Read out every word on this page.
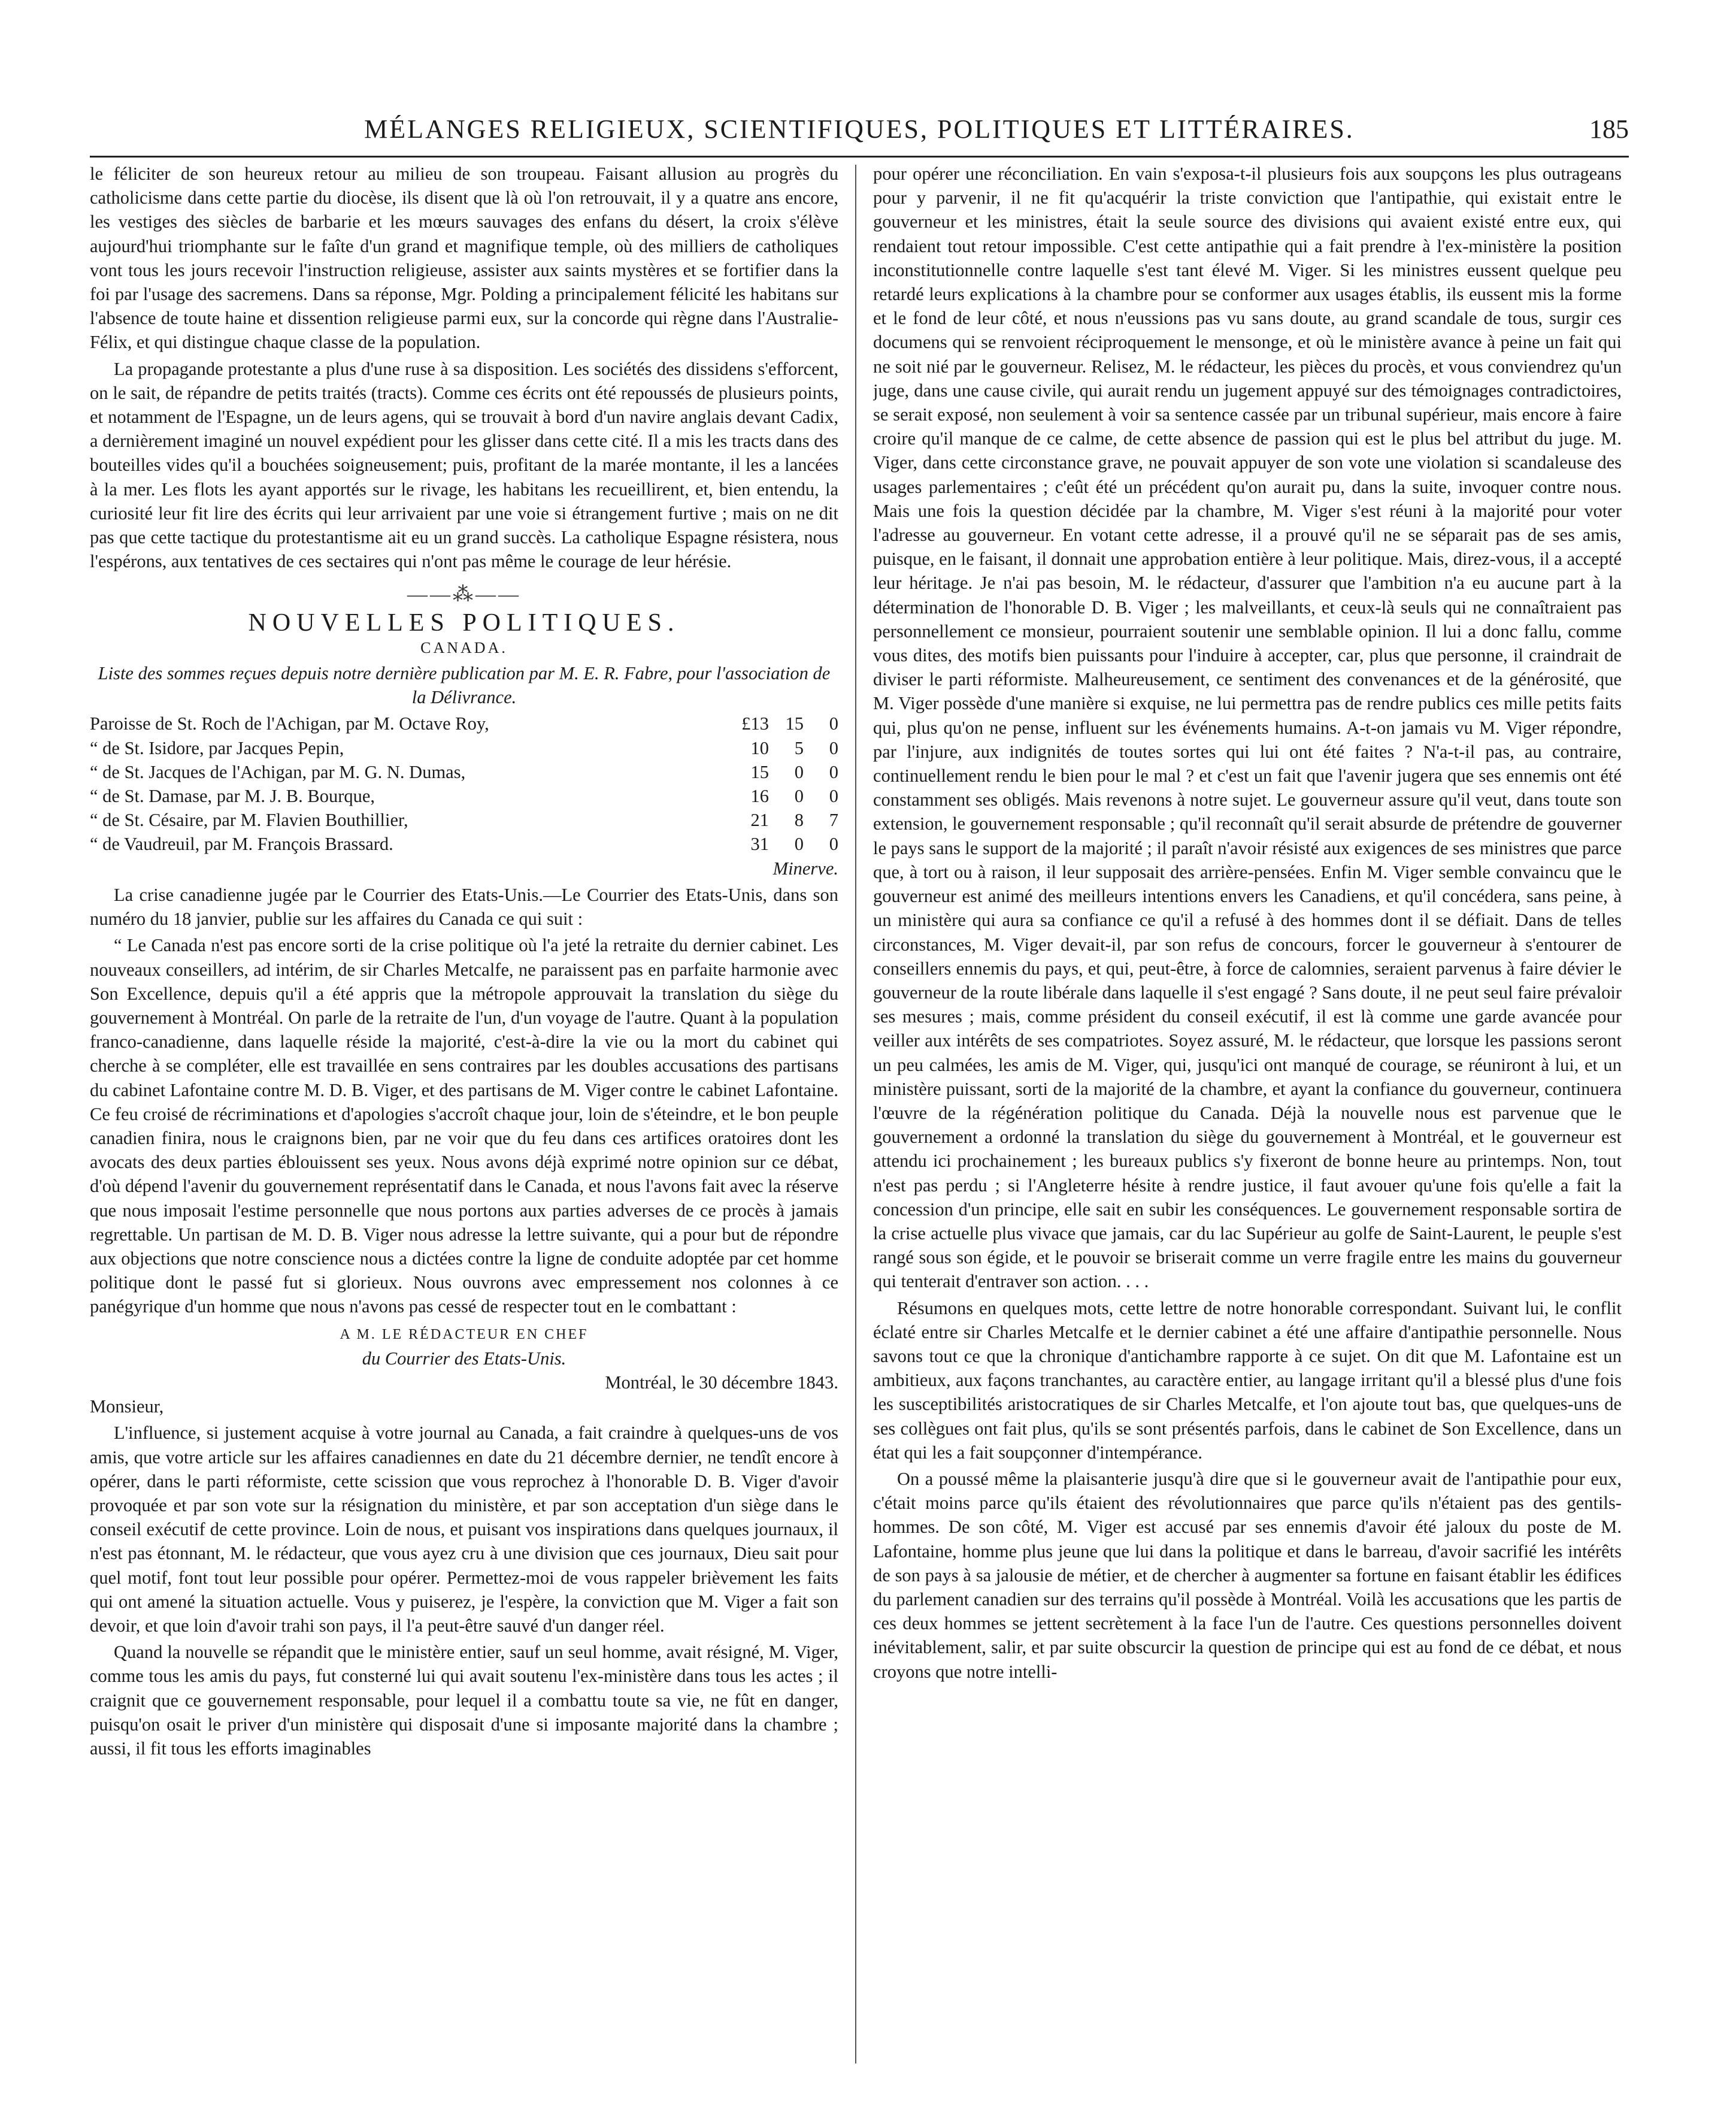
MÉLANGES RELIGIEUX, SCIENTIFIQUES, POLITIQUES ET LITTÉRAIRES.	185

le féliciter de son heureux retour au milieu de son troupeau. Faisant allusion au progrès du catholicisme dans cette partie du diocèse, ils disent que là où l'on retrouvait, il y a quatre ans encore, les vestiges des siècles de barbarie et les mœurs sauvages des enfans du désert, la croix s'élève aujourd'hui triomphante sur le faîte d'un grand et magnifique temple, où des milliers de catholiques vont tous les jours recevoir l'instruction religieuse, assister aux saints mystères et se fortifier dans la foi par l'usage des sacremens. Dans sa réponse, Mgr. Polding a principalement félicité les habitans sur l'absence de toute haine et dissention religieuse parmi eux, sur la concorde qui règne dans l'Australie-Félix, et qui distingue chaque classe de la population.

La propagande protestante a plus d'une ruse à sa disposition. Les sociétés des dissidens s'efforcent, on le sait, de répandre de petits traités (tracts). Comme ces écrits ont été repoussés de plusieurs points, et notamment de l'Espagne, un de leurs agens, qui se trouvait à bord d'un navire anglais devant Cadix, a dernièrement imaginé un nouvel expédient pour les glisser dans cette cité. Il a mis les tracts dans des bouteilles vides qu'il a bouchées soigneusement; puis, profitant de la marée montante, il les a lancées à la mer. Les flots les ayant apportés sur le rivage, les habitans les recueillirent, et, bien entendu, la curiosité leur fit lire des écrits qui leur arrivaient par une voie si étrangement furtive ; mais on ne dit pas que cette tactique du protestantisme ait eu un grand succès. La catholique Espagne résistera, nous l'espérons, aux tentatives de ces sectaires qui n'ont pas même le courage de leur hérésie.

——⁂——
NOUVELLES POLITIQUES.
CANADA.

Liste des sommes reçues depuis notre dernière publication par M. E. R. Fabre, pour l'association de la Délivrance.

Paroisse de St. Roch de l'Achigan, par M. Octave Roy,	£13	15	0
“ de St. Isidore, par Jacques Pepin,	10	5	0
“ de St. Jacques de l'Achigan, par M. G. N. Dumas,	15	0	0
“ de St. Damase, par M. J. B. Bourque,	16	0	0
“ de St. Césaire, par M. Flavien Bouthillier,	21	8	7
“ de Vaudreuil, par M. François Brassard.	31	0	0
Minerve.

La crise canadienne jugée par le Courrier des Etats-Unis.—Le Courrier des Etats-Unis, dans son numéro du 18 janvier, publie sur les affaires du Canada ce qui suit :

“ Le Canada n'est pas encore sorti de la crise politique où l'a jeté la retraite du dernier cabinet. Les nouveaux conseillers, ad intérim, de sir Charles Metcalfe, ne paraissent pas en parfaite harmonie avec Son Excellence, depuis qu'il a été appris que la métropole approuvait la translation du siège du gouvernement à Montréal. On parle de la retraite de l'un, d'un voyage de l'autre. Quant à la population franco-canadienne, dans laquelle réside la majorité, c'est-à-dire la vie ou la mort du cabinet qui cherche à se compléter, elle est travaillée en sens contraires par les doubles accusations des partisans du cabinet Lafontaine contre M. D. B. Viger, et des partisans de M. Viger contre le cabinet Lafontaine. Ce feu croisé de récriminations et d'apologies s'accroît chaque jour, loin de s'éteindre, et le bon peuple canadien finira, nous le craignons bien, par ne voir que du feu dans ces artifices oratoires dont les avocats des deux parties éblouissent ses yeux. Nous avons déjà exprimé notre opinion sur ce débat, d'où dépend l'avenir du gouvernement représentatif dans le Canada, et nous l'avons fait avec la réserve que nous imposait l'estime personnelle que nous portons aux parties adverses de ce procès à jamais regrettable. Un partisan de M. D. B. Viger nous adresse la lettre suivante, qui a pour but de répondre aux objections que notre conscience nous a dictées contre la ligne de conduite adoptée par cet homme politique dont le passé fut si glorieux. Nous ouvrons avec empressement nos colonnes à ce panégyrique d'un homme que nous n'avons pas cessé de respecter tout en le combattant :

A M. LE RÉDACTEUR EN CHEF
du Courrier des Etats-Unis.
Montréal, le 30 décembre 1843.

Monsieur,

L'influence, si justement acquise à votre journal au Canada, a fait craindre à quelques-uns de vos amis, que votre article sur les affaires canadiennes en date du 21 décembre dernier, ne tendît encore à opérer, dans le parti réformiste, cette scission que vous reprochez à l'honorable D. B. Viger d'avoir provoquée et par son vote sur la résignation du ministère, et par son acceptation d'un siège dans le conseil exécutif de cette province. Loin de nous, et puisant vos inspirations dans quelques journaux, il n'est pas étonnant, M. le rédacteur, que vous ayez cru à une division que ces journaux, Dieu sait pour quel motif, font tout leur possible pour opérer. Permettez-moi de vous rappeler brièvement les faits qui ont amené la situation actuelle. Vous y puiserez, je l'espère, la conviction que M. Viger a fait son devoir, et que loin d'avoir trahi son pays, il l'a peut-être sauvé d'un danger réel.

Quand la nouvelle se répandit que le ministère entier, sauf un seul homme, avait résigné, M. Viger, comme tous les amis du pays, fut consterné lui qui avait soutenu l'ex-ministère dans tous les actes ; il craignit que ce gouvernement responsable, pour lequel il a combattu toute sa vie, ne fût en danger, puisqu'on osait le priver d'un ministère qui disposait d'une si imposante majorité dans la chambre ; aussi, il fit tous les efforts imaginables

pour opérer une réconciliation. En vain s'exposa-t-il plusieurs fois aux soupçons les plus outrageans pour y parvenir, il ne fit qu'acquérir la triste conviction que l'antipathie, qui existait entre le gouverneur et les ministres, était la seule source des divisions qui avaient existé entre eux, qui rendaient tout retour impossible. C'est cette antipathie qui a fait prendre à l'ex-ministère la position inconstitutionnelle contre laquelle s'est tant élevé M. Viger. Si les ministres eussent quelque peu retardé leurs explications à la chambre pour se conformer aux usages établis, ils eussent mis la forme et le fond de leur côté, et nous n'eussions pas vu sans doute, au grand scandale de tous, surgir ces documens qui se renvoient réciproquement le mensonge, et où le ministère avance à peine un fait qui ne soit nié par le gouverneur. Relisez, M. le rédacteur, les pièces du procès, et vous conviendrez qu'un juge, dans une cause civile, qui aurait rendu un jugement appuyé sur des témoignages contradictoires, se serait exposé, non seulement à voir sa sentence cassée par un tribunal supérieur, mais encore à faire croire qu'il manque de ce calme, de cette absence de passion qui est le plus bel attribut du juge. M. Viger, dans cette circonstance grave, ne pouvait appuyer de son vote une violation si scandaleuse des usages parlementaires ; c'eût été un précédent qu'on aurait pu, dans la suite, invoquer contre nous. Mais une fois la question décidée par la chambre, M. Viger s'est réuni à la majorité pour voter l'adresse au gouverneur. En votant cette adresse, il a prouvé qu'il ne se séparait pas de ses amis, puisque, en le faisant, il donnait une approbation entière à leur politique. Mais, direz-vous, il a accepté leur héritage. Je n'ai pas besoin, M. le rédacteur, d'assurer que l'ambition n'a eu aucune part à la détermination de l'honorable D. B. Viger ; les malveillants, et ceux-là seuls qui ne connaîtraient pas personnellement ce monsieur, pourraient soutenir une semblable opinion. Il lui a donc fallu, comme vous dites, des motifs bien puissants pour l'induire à accepter, car, plus que personne, il craindrait de diviser le parti réformiste. Malheureusement, ce sentiment des convenances et de la générosité, que M. Viger possède d'une manière si exquise, ne lui permettra pas de rendre publics ces mille petits faits qui, plus qu'on ne pense, influent sur les événements humains. A-t-on jamais vu M. Viger répondre, par l'injure, aux indignités de toutes sortes qui lui ont été faites ? N'a-t-il pas, au contraire, continuellement rendu le bien pour le mal ? et c'est un fait que l'avenir jugera que ses ennemis ont été constamment ses obligés. Mais revenons à notre sujet. Le gouverneur assure qu'il veut, dans toute son extension, le gouvernement responsable ; qu'il reconnaît qu'il serait absurde de prétendre de gouverner le pays sans le support de la majorité ; il paraît n'avoir résisté aux exigences de ses ministres que parce que, à tort ou à raison, il leur supposait des arrière-pensées. Enfin M. Viger semble convaincu que le gouverneur est animé des meilleurs intentions envers les Canadiens, et qu'il concédera, sans peine, à un ministère qui aura sa confiance ce qu'il a refusé à des hommes dont il se défiait. Dans de telles circonstances, M. Viger devait-il, par son refus de concours, forcer le gouverneur à s'entourer de conseillers ennemis du pays, et qui, peut-être, à force de calomnies, seraient parvenus à faire dévier le gouverneur de la route libérale dans laquelle il s'est engagé ? Sans doute, il ne peut seul faire prévaloir ses mesures ; mais, comme président du conseil exécutif, il est là comme une garde avancée pour veiller aux intérêts de ses compatriotes. Soyez assuré, M. le rédacteur, que lorsque les passions seront un peu calmées, les amis de M. Viger, qui, jusqu'ici ont manqué de courage, se réuniront à lui, et un ministère puissant, sorti de la majorité de la chambre, et ayant la confiance du gouverneur, continuera l'œuvre de la régénération politique du Canada. Déjà la nouvelle nous est parvenue que le gouvernement a ordonné la translation du siège du gouvernement à Montréal, et le gouverneur est attendu ici prochainement ; les bureaux publics s'y fixeront de bonne heure au printemps. Non, tout n'est pas perdu ; si l'Angleterre hésite à rendre justice, il faut avouer qu'une fois qu'elle a fait la concession d'un principe, elle sait en subir les conséquences. Le gouvernement responsable sortira de la crise actuelle plus vivace que jamais, car du lac Supérieur au golfe de Saint-Laurent, le peuple s'est rangé sous son égide, et le pouvoir se briserait comme un verre fragile entre les mains du gouverneur qui tenterait d'entraver son action. . . .

Résumons en quelques mots, cette lettre de notre honorable correspondant. Suivant lui, le conflit éclaté entre sir Charles Metcalfe et le dernier cabinet a été une affaire d'antipathie personnelle. Nous savons tout ce que la chronique d'antichambre rapporte à ce sujet. On dit que M. Lafontaine est un ambitieux, aux façons tranchantes, au caractère entier, au langage irritant qu'il a blessé plus d'une fois les susceptibilités aristocratiques de sir Charles Metcalfe, et l'on ajoute tout bas, que quelques-uns de ses collègues ont fait plus, qu'ils se sont présentés parfois, dans le cabinet de Son Excellence, dans un état qui les a fait soupçonner d'intempérance.

On a poussé même la plaisanterie jusqu'à dire que si le gouverneur avait de l'antipathie pour eux, c'était moins parce qu'ils étaient des révolutionnaires que parce qu'ils n'étaient pas des gentils-hommes. De son côté, M. Viger est accusé par ses ennemis d'avoir été jaloux du poste de M. Lafontaine, homme plus jeune que lui dans la politique et dans le barreau, d'avoir sacrifié les intérêts de son pays à sa jalousie de métier, et de chercher à augmenter sa fortune en faisant établir les édifices du parlement canadien sur des terrains qu'il possède à Montréal. Voilà les accusations que les partis de ces deux hommes se jettent secrètement à la face l'un de l'autre. Ces questions personnelles doivent inévitablement, salir, et par suite obscurcir la question de principe qui est au fond de ce débat, et nous croyons que notre intelli-
